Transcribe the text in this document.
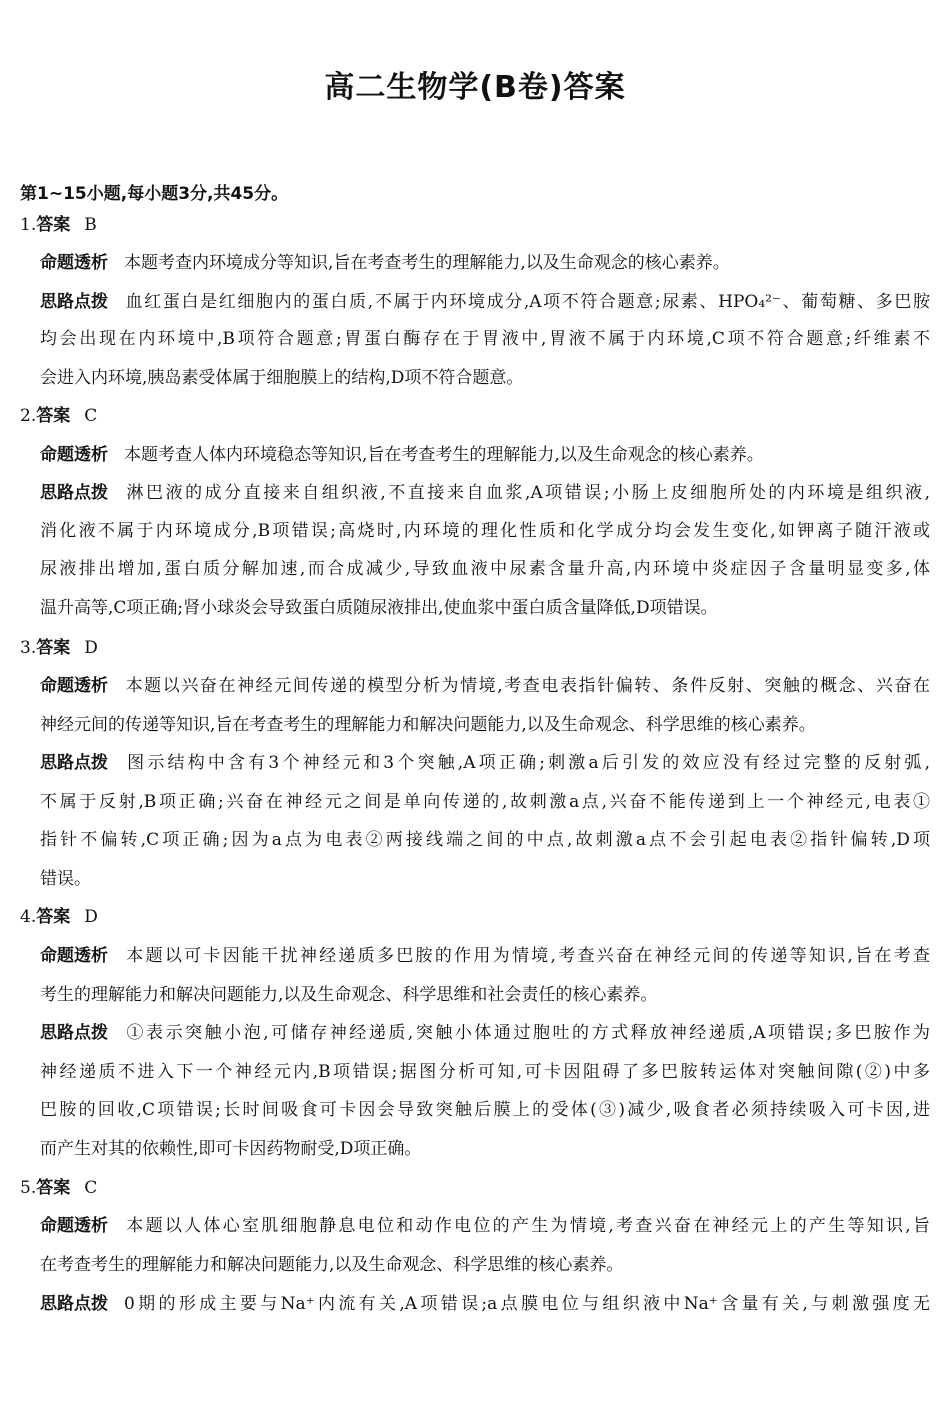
高二生物学(B卷)答案
第1~15小题,每小题3分,共45分。
1.答案 B
命题透析 本题考查内环境成分等知识,旨在考查考生的理解能力,以及生命观念的核心素养。
思路点拨 血红蛋白是红细胞内的蛋白质,不属于内环境成分,A项不符合题意;尿素、HPO₄²⁻、葡萄糖、多巴胺
均会出现在内环境中,B项符合题意;胃蛋白酶存在于胃液中,胃液不属于内环境,C项不符合题意;纤维素不
会进入内环境,胰岛素受体属于细胞膜上的结构,D项不符合题意。
2.答案 C
命题透析 本题考查人体内环境稳态等知识,旨在考查考生的理解能力,以及生命观念的核心素养。
思路点拨 淋巴液的成分直接来自组织液,不直接来自血浆,A项错误;小肠上皮细胞所处的内环境是组织液,
消化液不属于内环境成分,B项错误;高烧时,内环境的理化性质和化学成分均会发生变化,如钾离子随汗液或
尿液排出增加,蛋白质分解加速,而合成减少,导致血液中尿素含量升高,内环境中炎症因子含量明显变多,体
温升高等,C项正确;肾小球炎会导致蛋白质随尿液排出,使血浆中蛋白质含量降低,D项错误。
3.答案 D
命题透析 本题以兴奋在神经元间传递的模型分析为情境,考查电表指针偏转、条件反射、突触的概念、兴奋在
神经元间的传递等知识,旨在考查考生的理解能力和解决问题能力,以及生命观念、科学思维的核心素养。
思路点拨 图示结构中含有3个神经元和3个突触,A项正确;刺激a后引发的效应没有经过完整的反射弧,
不属于反射,B项正确;兴奋在神经元之间是单向传递的,故刺激a点,兴奋不能传递到上一个神经元,电表①
指针不偏转,C项正确;因为a点为电表②两接线端之间的中点,故刺激a点不会引起电表②指针偏转,D项
错误。
4.答案 D
命题透析 本题以可卡因能干扰神经递质多巴胺的作用为情境,考查兴奋在神经元间的传递等知识,旨在考查
考生的理解能力和解决问题能力,以及生命观念、科学思维和社会责任的核心素养。
思路点拨 ①表示突触小泡,可储存神经递质,突触小体通过胞吐的方式释放神经递质,A项错误;多巴胺作为
神经递质不进入下一个神经元内,B项错误;据图分析可知,可卡因阻碍了多巴胺转运体对突触间隙(②)中多
巴胺的回收,C项错误;长时间吸食可卡因会导致突触后膜上的受体(③)减少,吸食者必须持续吸入可卡因,进
而产生对其的依赖性,即可卡因药物耐受,D项正确。
5.答案 C
命题透析 本题以人体心室肌细胞静息电位和动作电位的产生为情境,考查兴奋在神经元上的产生等知识,旨
在考查考生的理解能力和解决问题能力,以及生命观念、科学思维的核心素养。
思路点拨 0期的形成主要与Na⁺内流有关,A项错误;a点膜电位与组织液中Na⁺含量有关,与刺激强度无
